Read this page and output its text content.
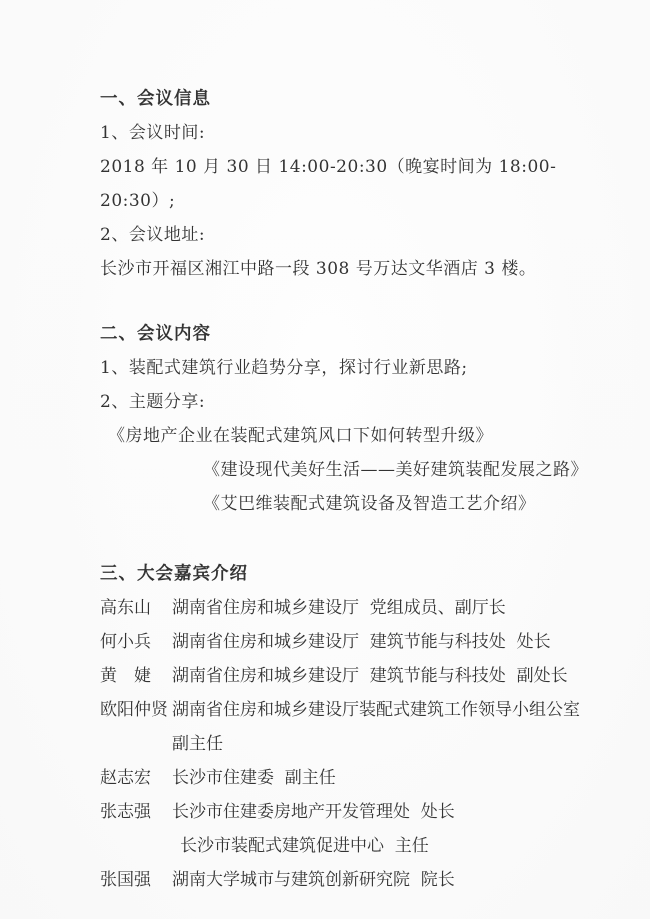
一、会议信息

1、会议时间:

2018 年 10 月 30 日 14:00-20:30（晚宴时间为 18:00-20:30）;

2、会议地址:

长沙市开福区湘江中路一段 308 号万达文华酒店 3 楼。

二、会议内容

1、装配式建筑行业趋势分享，探讨行业新思路;

2、主题分享:《房地产企业在装配式建筑风口下如何转型升级》

《建设现代美好生活——美好建筑装配发展之路》

《艾巴维装配式建筑设备及智造工艺介绍》

三、大会嘉宾介绍

高东山	湖南省住房和城乡建设厅  党组成员、副厅长
何小兵	湖南省住房和城乡建设厅  建筑节能与科技处  处长
黄　婕	湖南省住房和城乡建设厅  建筑节能与科技处  副处长
欧阳仲贤 湖南省住房和城乡建设厅装配式建筑工作领导小组公室 副主任
赵志宏	长沙市住建委  副主任
张志强	长沙市住建委房地产开发管理处  处长
长沙市装配式建筑促进中心  主任
张国强	湖南大学城市与建筑创新研究院  院长
